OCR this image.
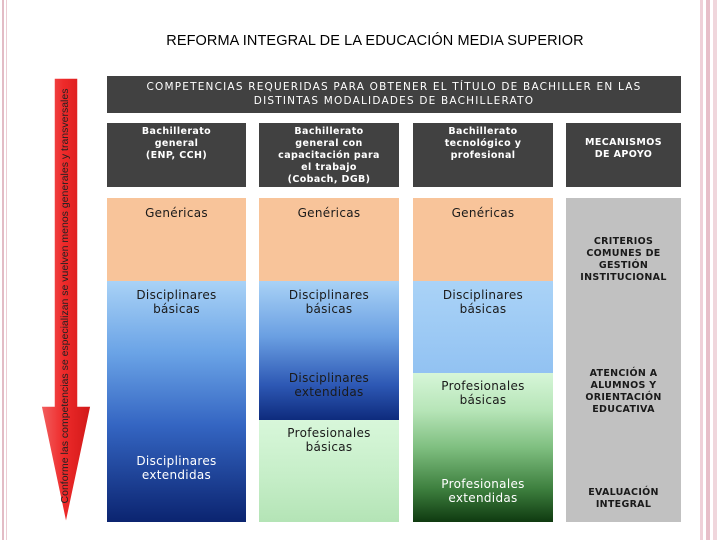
REFORMA INTEGRAL DE LA EDUCACIÓN MEDIA SUPERIOR
COMPETENCIAS REQUERIDAS PARA OBTENER EL TÍTULO DE BACHILLER EN LAS
DISTINTAS MODALIDADES DE BACHILLERATO
Conforme las competencias se especializan se vuelven menos generales y transversales	Bachillerato
general
(ENP, CCH)
Bachillerato
general con
capacitación para
el trabajo
(Cobach, DGB)
Bachillerato
tecnológico y
profesional
MECANISMOS
DE APOYO
Genéricas
Disciplinares
básicas
Disciplinares
extendidas
Genéricas
Disciplinares
básicas
Disciplinares
extendidas
Profesionales
básicas
Genéricas
Disciplinares
básicas
Profesionales
básicas
Profesionales
extendidas
CRITERIOS
COMUNES DE
GESTIÓN
INSTITUCIONAL
ATENCIÓN A
ALUMNOS Y
ORIENTACIÓN
EDUCATIVA
EVALUACIÓN
INTEGRAL
